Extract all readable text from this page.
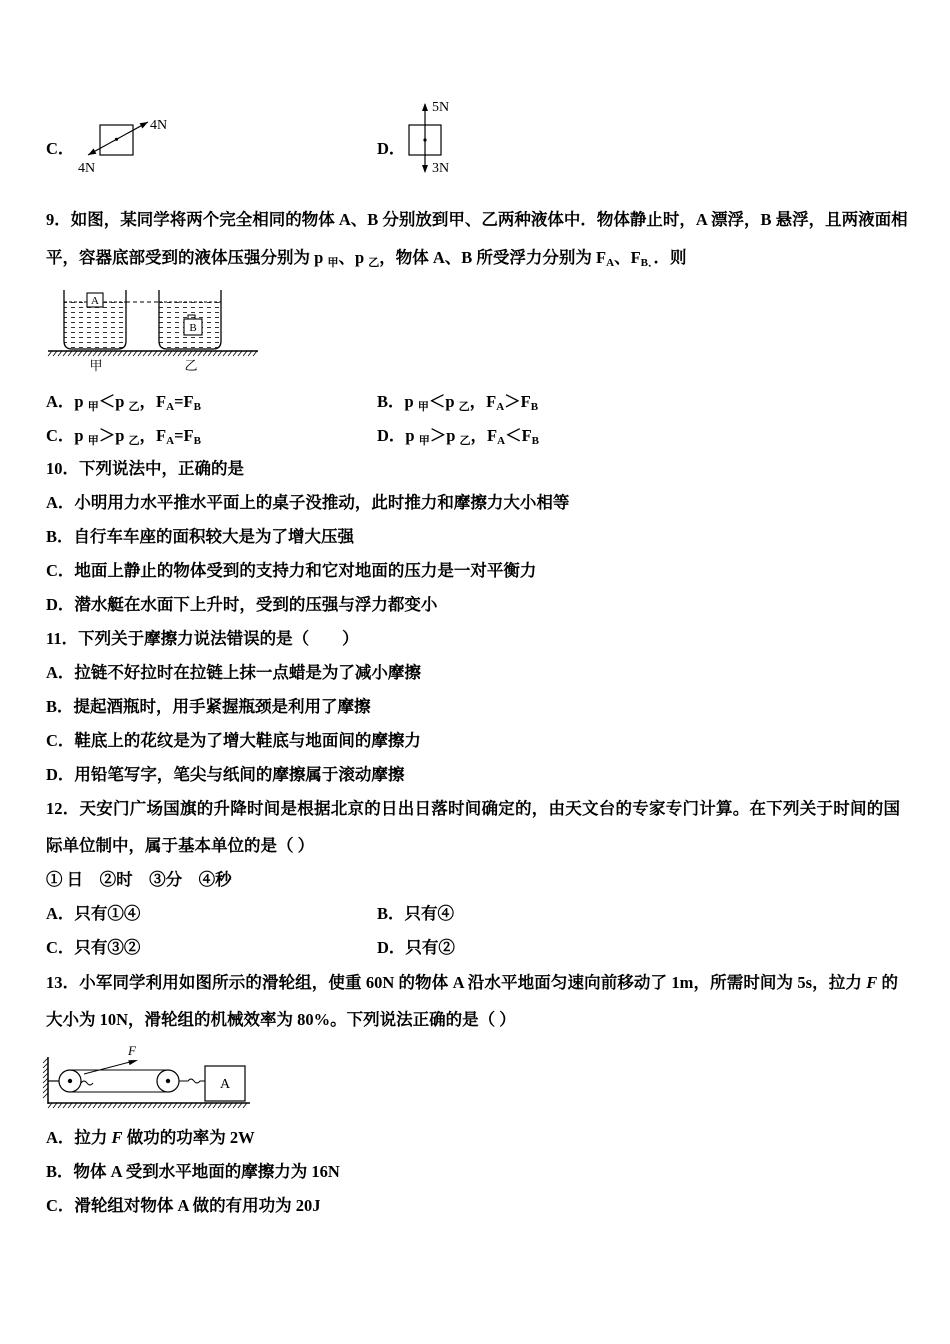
C．
4N
4N
D．
5N
3N
9．如图，某同学将两个完全相同的物体 A、B 分别放到甲、乙两种液体中．物体静止时，A 漂浮，B 悬浮，且两液面相
平，容器底部受到的液体压强分别为 p $_甲$、p $_乙$，物体 A、B 所受浮力分别为 $F_A$、$F_{B.}$．则
A
B
甲	乙
A．p $_甲$＜p $_乙$，$F_A=F_B$	B．p $_甲$＜p $_乙$，$F_A>F_B$
C．p $_甲$＞p $_乙$，$F_A=F_B$	D．p $_甲$＞p $_乙$，$F_A<F_B$
10．下列说法中，正确的是
A．小明用力水平推水平面上的桌子没推动，此时推力和摩擦力大小相等
B．自行车车座的面积较大是为了增大压强
C．地面上静止的物体受到的支持力和它对地面的压力是一对平衡力
D．潜水艇在水面下上升时，受到的压强与浮力都变小
11．下列关于摩擦力说法错误的是（　　）
A．拉链不好拉时在拉链上抹一点蜡是为了减小摩擦
B．提起酒瓶时，用手紧握瓶颈是利用了摩擦
C．鞋底上的花纹是为了增大鞋底与地面间的摩擦力
D．用铅笔写字，笔尖与纸间的摩擦属于滚动摩擦
12．天安门广场国旗的升降时间是根据北京的日出日落时间确定的，由天文台的专家专门计算。在下列关于时间的国
际单位制中，属于基本单位的是（ ）
① 日　②时　③分　④秒
A．只有①④	B．只有④
C．只有③②	D．只有②
13．小军同学利用如图所示的滑轮组，使重 60N 的物体 A 沿水平地面匀速向前移动了 1m，所需时间为 5s，拉力 F 的
大小为 10N，滑轮组的机械效率为 80%。下列说法正确的是（ ）
F
A
A．拉力 F 做功的功率为 2W
B．物体 A 受到水平地面的摩擦力为 16N
C．滑轮组对物体 A 做的有用功为 20J
